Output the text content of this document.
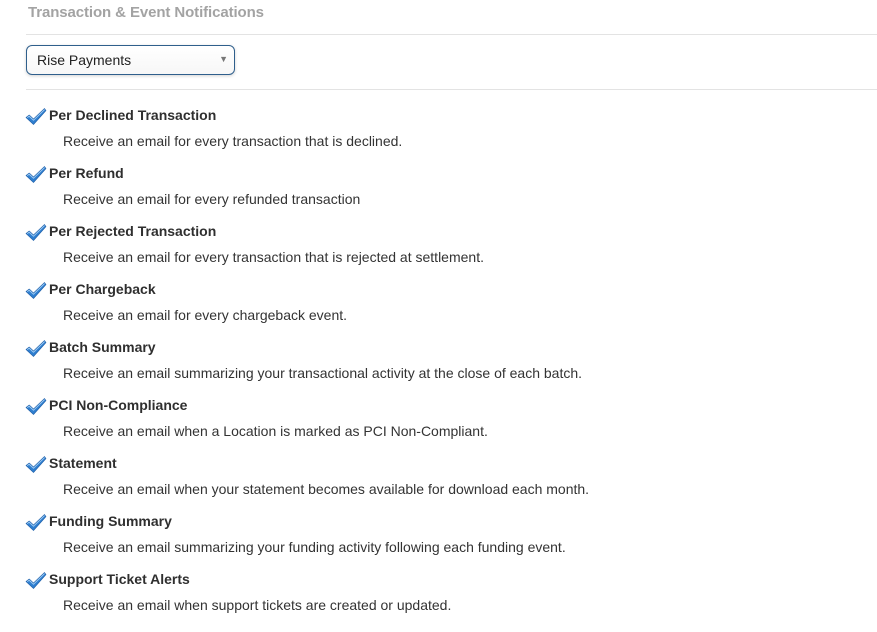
Transaction & Event Notifications
Rise Payments	▼
Per Declined Transaction
Receive an email for every transaction that is declined.
Per Refund
Receive an email for every refunded transaction
Per Rejected Transaction
Receive an email for every transaction that is rejected at settlement.
Per Chargeback
Receive an email for every chargeback event.
Batch Summary
Receive an email summarizing your transactional activity at the close of each batch.
PCI Non-Compliance
Receive an email when a Location is marked as PCI Non-Compliant.
Statement
Receive an email when your statement becomes available for download each month.
Funding Summary
Receive an email summarizing your funding activity following each funding event.
Support Ticket Alerts
Receive an email when support tickets are created or updated.
